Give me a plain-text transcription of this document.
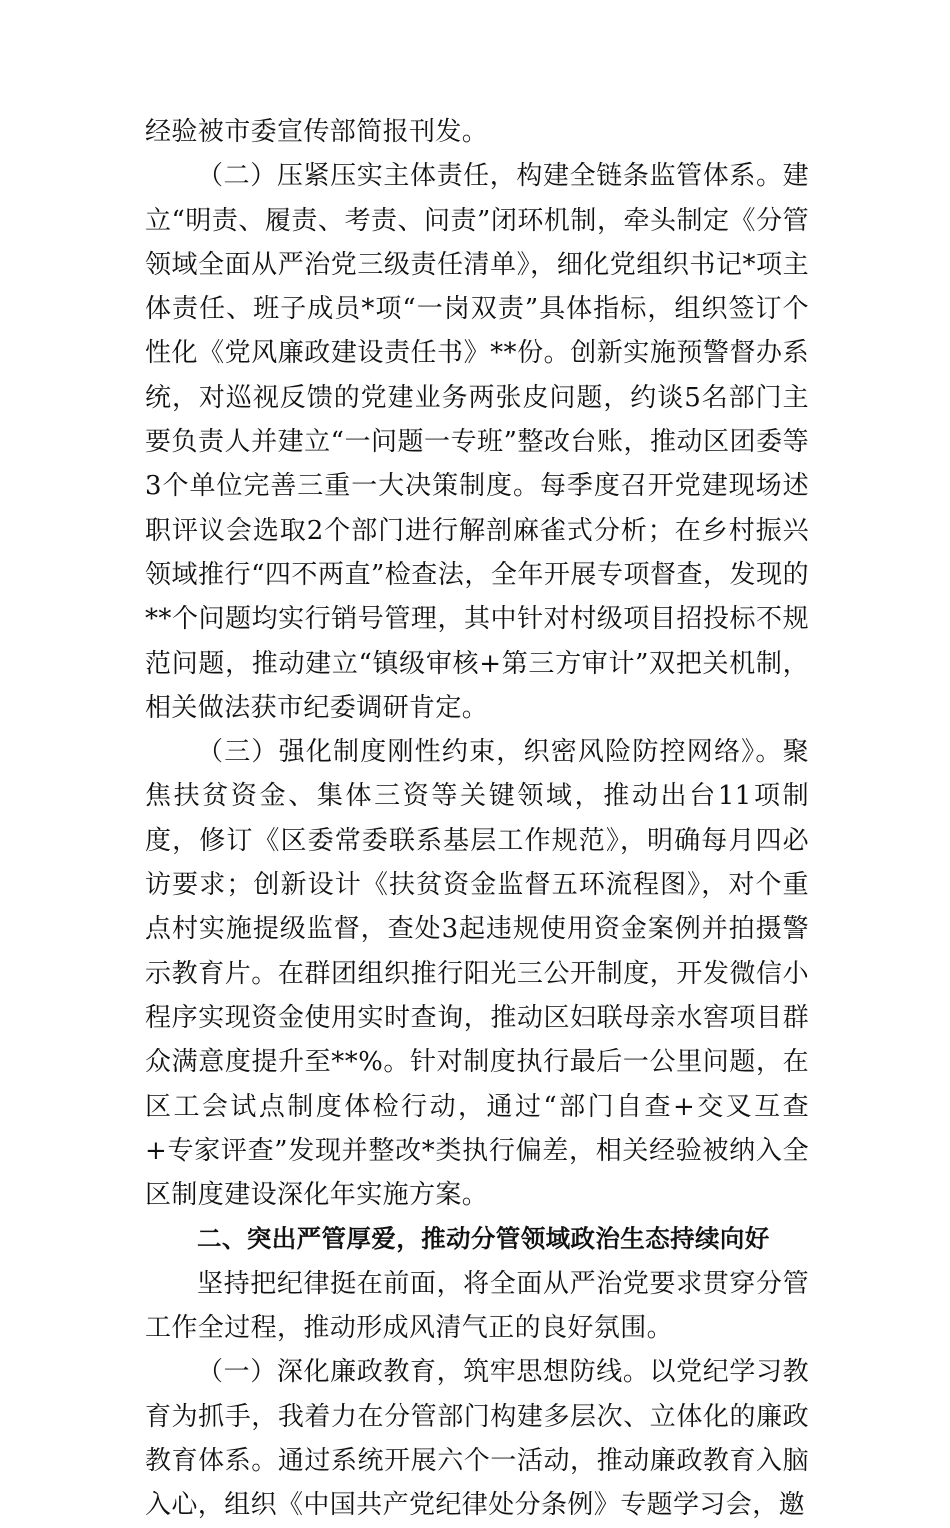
经验被市委宣传部简报刊发。

（二）压紧压实主体责任，构建全链条监管体系。建立“明责、履责、考责、问责”闭环机制，牵头制定《分管领域全面从严治党三级责任清单》，细化党组织书记*项主体责任、班子成员*项“一岗双责”具体指标，组织签订个性化《党风廉政建设责任书》**份。创新实施预警督办系统，对巡视反馈的党建业务两张皮问题，约谈5名部门主要负责人并建立“一问题一专班”整改台账，推动区团委等3个单位完善三重一大决策制度。每季度召开党建现场述职评议会选取2个部门进行解剖麻雀式分析；在乡村振兴领域推行“四不两直”检查法，全年开展专项督查，发现的**个问题均实行销号管理，其中针对村级项目招投标不规范问题，推动建立“镇级审核+第三方审计”双把关机制，相关做法获市纪委调研肯定。

（三）强化制度刚性约束，织密风险防控网络》。聚焦扶贫资金、集体三资等关键领域，推动出台11项制度，修订《区委常委联系基层工作规范》，明确每月四必访要求；创新设计《扶贫资金监督五环流程图》，对个重点村实施提级监督，查处3起违规使用资金案例并拍摄警示教育片。在群团组织推行阳光三公开制度，开发微信小程序实现资金使用实时查询，推动区妇联母亲水窖项目群众满意度提升至**%。针对制度执行最后一公里问题，在区工会试点制度体检行动，通过“部门自查+交叉互查+专家评查”发现并整改*类执行偏差，相关经验被纳入全区制度建设深化年实施方案。

二、突出严管厚爱，推动分管领域政治生态持续向好

坚持把纪律挺在前面，将全面从严治党要求贯穿分管工作全过程，推动形成风清气正的良好氛围。

（一）深化廉政教育，筑牢思想防线。以党纪学习教育为抓手，我着力在分管部门构建多层次、立体化的廉政教育体系。通过系统开展六个一活动，推动廉政教育入脑入心，组织《中国共产党纪律处分条例》专题学习会，邀
